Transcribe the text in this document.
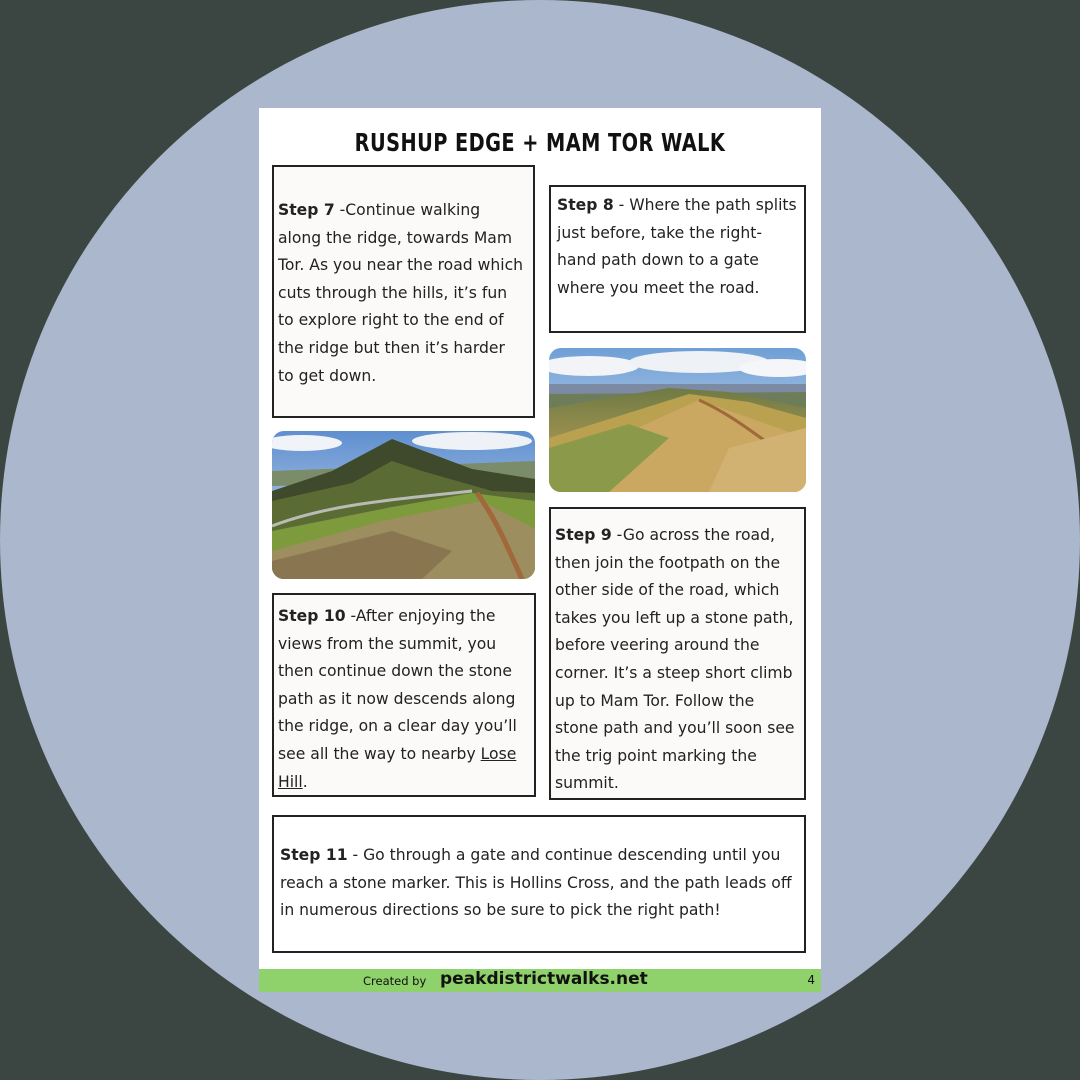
RUSHUP EDGE + MAM TOR WALK
Step 7 -Continue walking along the ridge, towards Mam Tor. As you near the road which cuts through the hills, it’s fun to explore right to the end of the ridge but then it’s harder to get down.
Step 8 - Where the path splits just before, take the right-hand path down to a gate where you meet the road.
Step 9 -Go across the road, then join the footpath on the other side of the road, which takes you left up a stone path, before veering around the corner. It’s a steep short climb up to Mam Tor. Follow the stone path and you’ll soon see the trig point marking the summit.
Step 10 -After enjoying the views from the summit, you then continue down the stone path as it now descends along the ridge, on a clear day you’ll see all the way to nearby Lose Hill.
Step 11 - Go through a gate and continue descending until you reach a stone marker. This is Hollins Cross, and the path leads off in numerous directions so be sure to pick the right path!
Created by peakdistrictwalks.net	4
